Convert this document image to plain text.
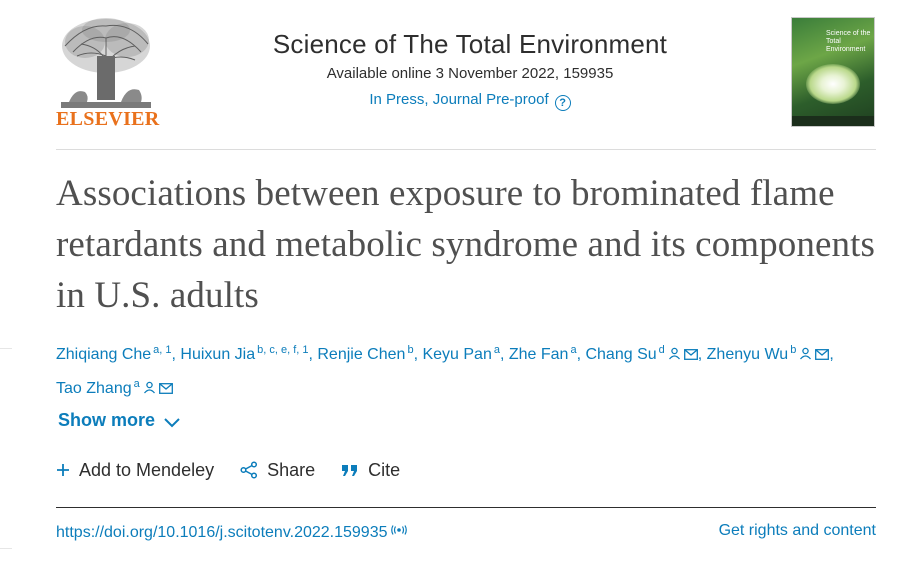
ELSEVIER
Science of The Total Environment
Available online 3 November 2022, 159935
In Press, Journal Pre-proof ?
Science of the Total Environment
Associations between exposure to brominated flame retardants and metabolic syndrome and its components in U.S. adults
Zhiqiang Che $^{a, 1}$, Huixun Jia $^{b, c, e, f, 1}$, Renjie Chen $^b$, Keyu Pan $^a$, Zhe Fan $^a$, Chang Su $^d$ , Zhenyu Wu $^b$ ,
Tao Zhang $^a$
Show more
Add to Mendeley	Share	Cite
https://doi.org/10.1016/j.scitotenv.2022.159935	Get rights and content
